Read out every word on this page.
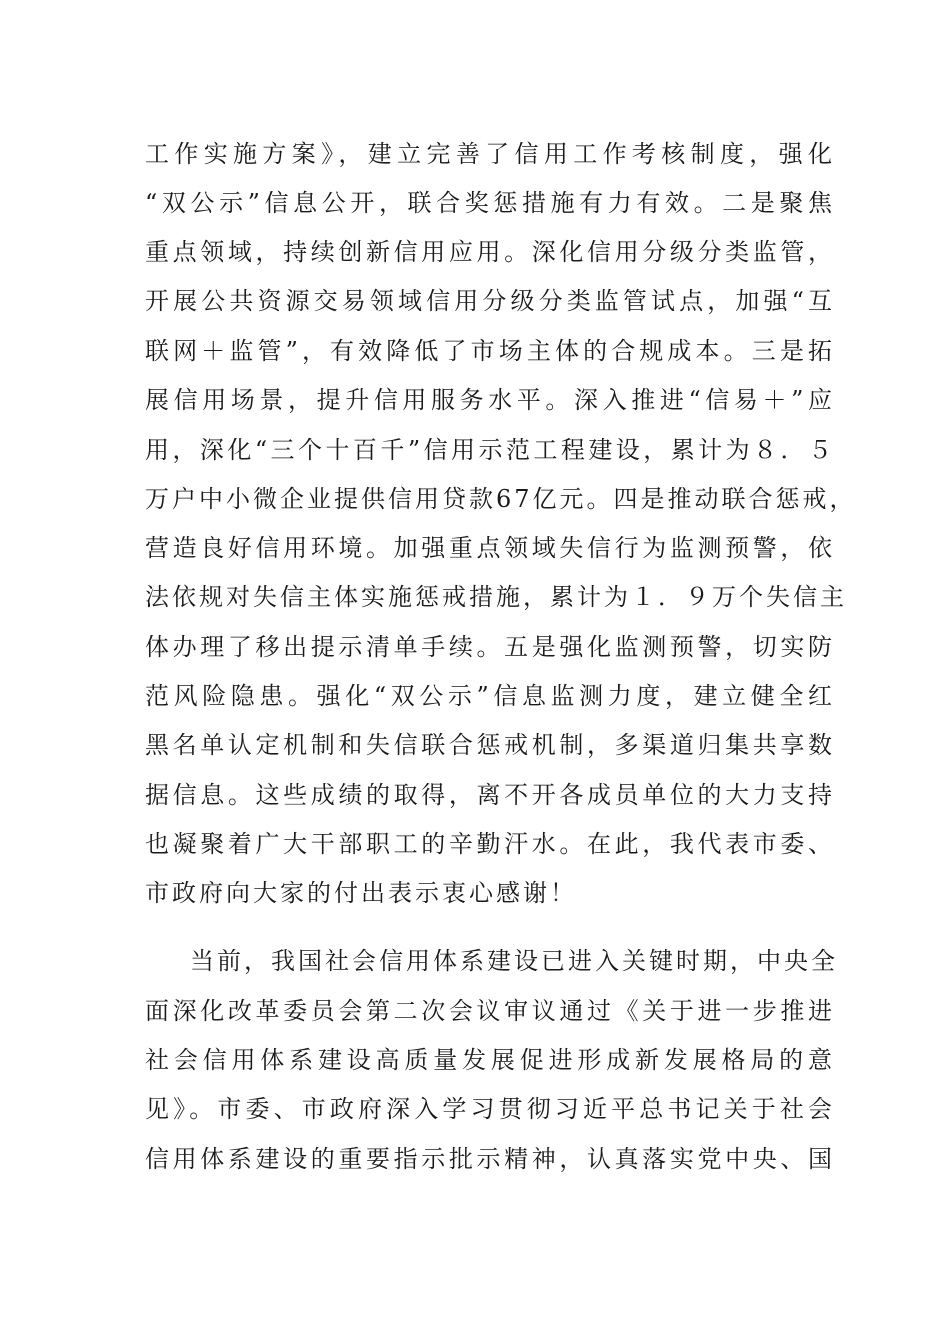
工作实施方案》，建立完善了信用工作考核制度，强化
“双公示”信息公开，联合奖惩措施有力有效。二是聚焦
重点领域，持续创新信用应用。深化信用分级分类监管，
开展公共资源交易领域信用分级分类监管试点，加强“互
联网＋监管”，有效降低了市场主体的合规成本。三是拓
展信用场景，提升信用服务水平。深入推进“信易＋”应
用，深化“三个十百千”信用示范工程建设，累计为８．５
万户中小微企业提供信用贷款67亿元。四是推动联合惩戒，
营造良好信用环境。加强重点领域失信行为监测预警，依
法依规对失信主体实施惩戒措施，累计为１．９万个失信主
体办理了移出提示清单手续。五是强化监测预警，切实防
范风险隐患。强化“双公示”信息监测力度，建立健全红
黑名单认定机制和失信联合惩戒机制，多渠道归集共享数
据信息。这些成绩的取得，离不开各成员单位的大力支持
也凝聚着广大干部职工的辛勤汗水。在此，我代表市委、
市政府向大家的付出表示衷心感谢！
当前，我国社会信用体系建设已进入关键时期，中央全
面深化改革委员会第二次会议审议通过《关于进一步推进
社会信用体系建设高质量发展促进形成新发展格局的意
见》。市委、市政府深入学习贯彻习近平总书记关于社会
信用体系建设的重要指示批示精神，认真落实党中央、国
